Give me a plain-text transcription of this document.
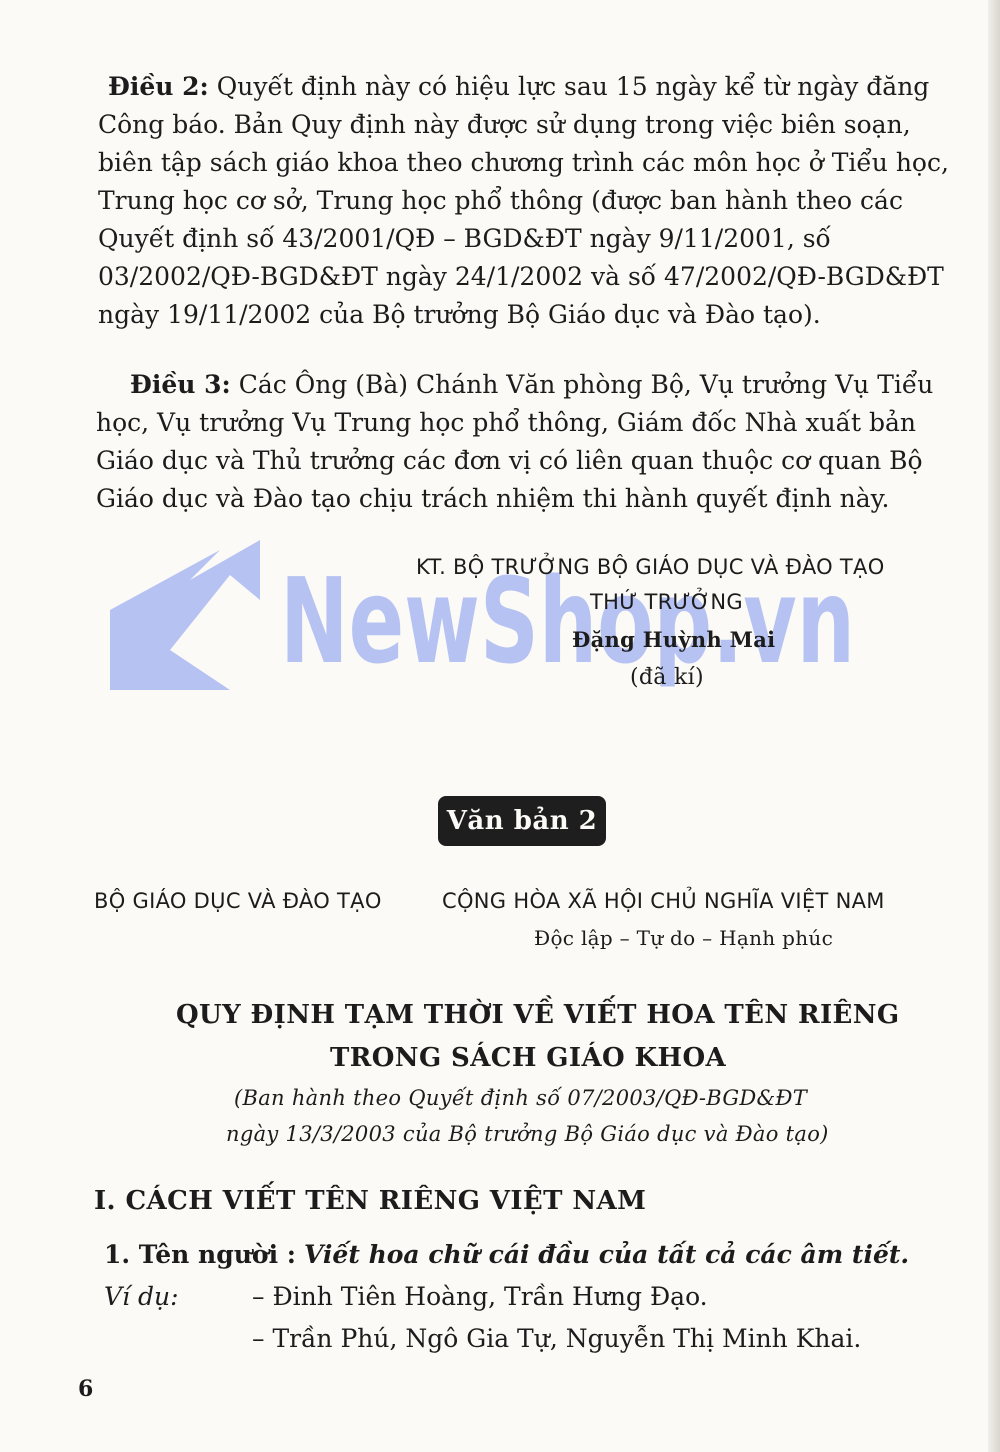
NewShop.vn
Điều 2: Quyết định này có hiệu lực sau 15 ngày kể từ ngày đăng
Công báo. Bản Quy định này được sử dụng trong việc biên soạn,
biên tập sách giáo khoa theo chương trình các môn học ở Tiểu học,
Trung học cơ sở, Trung học phổ thông (được ban hành theo các
Quyết định số 43/2001/QĐ – BGD&ĐT ngày 9/11/2001, số
03/2002/QĐ-BGD&ĐT ngày 24/1/2002 và số 47/2002/QĐ-BGD&ĐT
ngày 19/11/2002 của Bộ trưởng Bộ Giáo dục và Đào tạo).
Điều 3: Các Ông (Bà) Chánh Văn phòng Bộ, Vụ trưởng Vụ Tiểu
học, Vụ trưởng Vụ Trung học phổ thông, Giám đốc Nhà xuất bản
Giáo dục và Thủ trưởng các đơn vị có liên quan thuộc cơ quan Bộ
Giáo dục và Đào tạo chịu trách nhiệm thi hành quyết định này.
KT. BỘ TRƯỞNG BỘ GIÁO DỤC VÀ ĐÀO TẠO
THỨ TRƯỞNG
Đặng Huỳnh Mai
(đã kí)
Văn bản 2
BỘ GIÁO DỤC VÀ ĐÀO TẠO	CỘNG HÒA XÃ HỘI CHỦ NGHĨA VIỆT NAM
Độc lập – Tự do – Hạnh phúc
QUY ĐỊNH TẠM THỜI VỀ VIẾT HOA TÊN RIÊNG
TRONG SÁCH GIÁO KHOA
(Ban hành theo Quyết định số 07/2003/QĐ-BGD&ĐT
ngày 13/3/2003 của Bộ trưởng Bộ Giáo dục và Đào tạo)
I. CÁCH VIẾT TÊN RIÊNG VIỆT NAM
1. Tên người : Viết hoa chữ cái đầu của tất cả các âm tiết.
Ví dụ:	– Đinh Tiên Hoàng, Trần Hưng Đạo.
– Trần Phú, Ngô Gia Tự, Nguyễn Thị Minh Khai.
6
